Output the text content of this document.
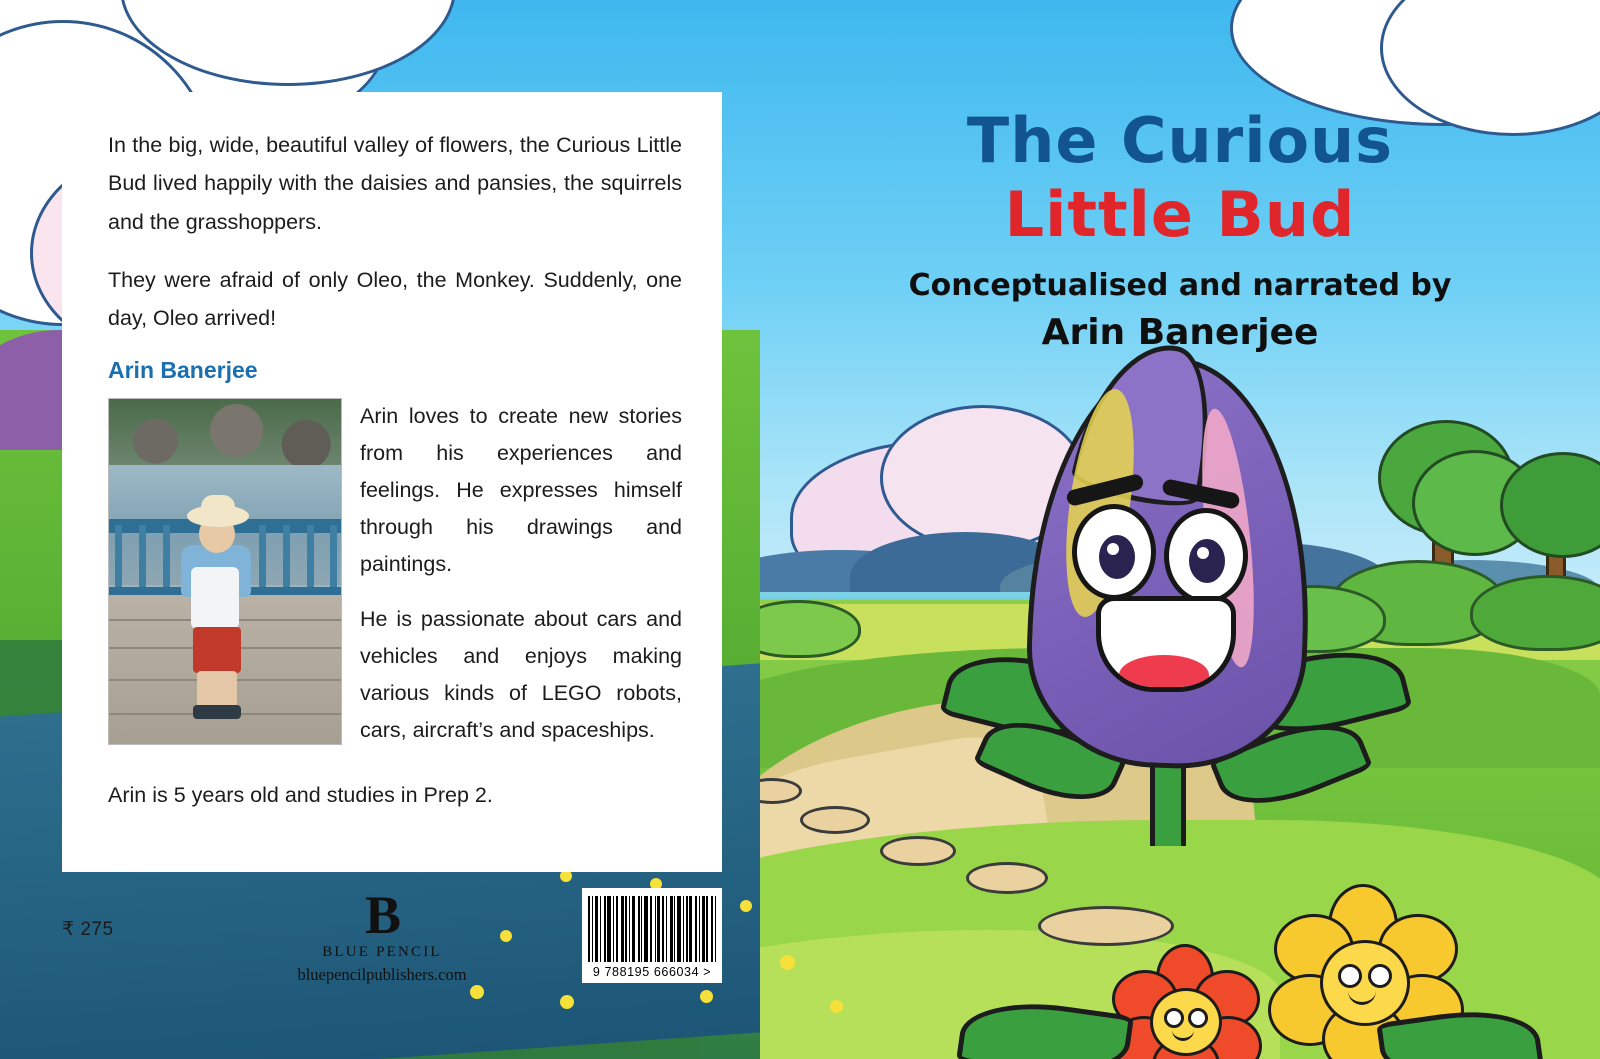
In the big, wide, beautiful valley of flowers, the Curious Little Bud lived happily with the daisies and pansies, the squirrels and the grasshoppers.

They were afraid of only Oleo, the Monkey. Suddenly, one day, Oleo arrived!

Arin Banerjee

Arin loves to create new stories from his experiences and feelings. He expresses himself through his drawings and paintings.

He is passionate about cars and vehicles and enjoys making various kinds of LEGO robots, cars, aircraft’s and spaceships.

Arin is 5 years old and studies in Prep 2.

₹ 275	B
BLUE PENCIL
bluepencilpublishers.com	9 788195 666034 >
The Curious
Little Bud
Conceptualised and narrated by
Arin Banerjee
